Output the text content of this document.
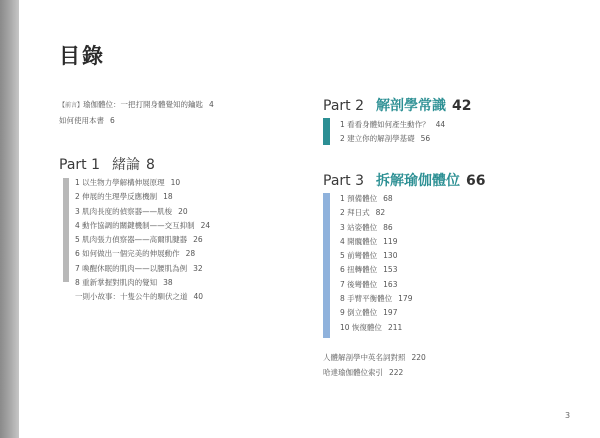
目錄
【前言】瑜伽體位：一把打開身體覺知的鑰匙 4
如何使用本書 6
Part 1 緒論 8
1 以生物力學解構伸展原理 10
2 伸展的生理學反應機制 18
3 肌肉長度的偵察器——肌梭 20
4 動作協調的關鍵機制——交互抑制 24
5 肌肉張力偵察器——高爾肌腱器 26
6 如何做出一個完美的伸展動作 28
7 喚醒休眠的肌肉——以腰肌為例 32
8 重新掌握對肌肉的覺知 38
一則小故事：十隻公牛的馴伏之道 40
Part 2 解剖學常識 42
1 看看身體如何產生動作？ 44
2 建立你的解剖學基礎 56
Part 3 拆解瑜伽體位 66
1 預備體位 68
2 拜日式 82
3 站姿體位 86
4 開髖體位 119
5 前彎體位 130
6 扭轉體位 153
7 後彎體位 163
8 手臂平衡體位 179
9 倒立體位 197
10 恢復體位 211
人體解剖學中英名詞對照 220
哈達瑜伽體位索引 222
3
